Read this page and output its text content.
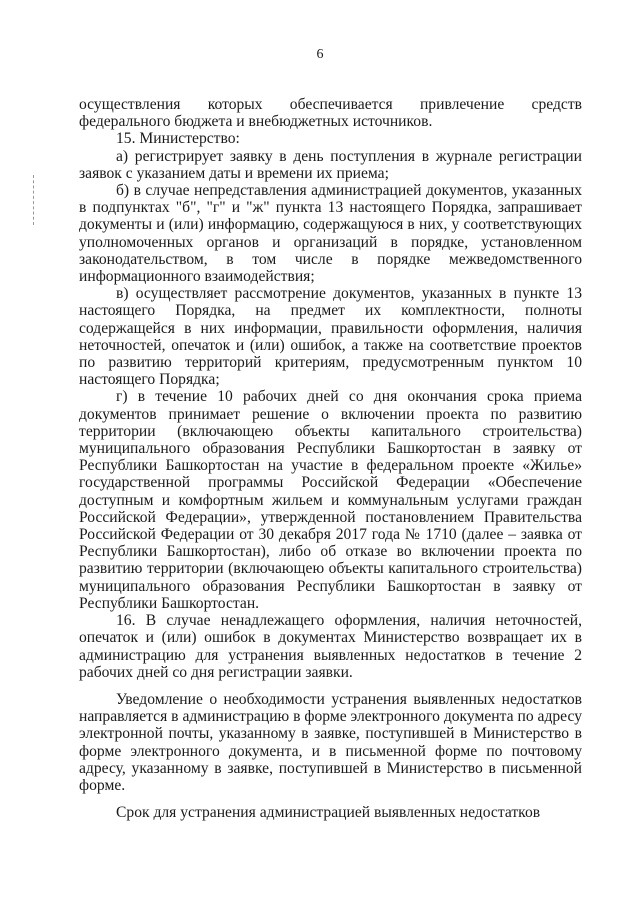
6

осуществления которых обеспечивается привлечение средств федерального бюджета и внебюджетных источников.

15. Министерство:

а) регистрирует заявку в день поступления в журнале регистрации заявок с указанием даты и времени их приема;

б) в случае непредставления администрацией документов, указанных в подпунктах "б", "г" и "ж" пункта 13 настоящего Порядка, запрашивает документы и (или) информацию, содержащуюся в них, у соответствующих уполномоченных органов и организаций в порядке, установленном законодательством, в том числе в порядке межведомственного информационного взаимодействия;

в) осуществляет рассмотрение документов, указанных в пункте 13 настоящего Порядка, на предмет их комплектности, полноты содержащейся в них информации, правильности оформления, наличия неточностей, опечаток и (или) ошибок, а также на соответствие проектов по развитию территорий критериям, предусмотренным пунктом 10 настоящего Порядка;

г) в течение 10 рабочих дней со дня окончания срока приема документов принимает решение о включении проекта по развитию территории (включающею объекты капитального строительства) муниципального образования Республики Башкортостан в заявку от Республики Башкортостан на участие в федеральном проекте «Жилье» государственной программы Российской Федерации «Обеспечение доступным и комфортным жильем и коммунальным услугами граждан Российской Федерации», утвержденной постановлением Правительства Российской Федерации от 30 декабря 2017 года № 1710 (далее – заявка от Республики Башкортостан), либо об отказе во включении проекта по развитию территории (включающею объекты капитального строительства) муниципального образования Республики Башкортостан в заявку от Республики Башкортостан.

16. В случае ненадлежащего оформления, наличия неточностей, опечаток и (или) ошибок в документах Министерство возвращает их в администрацию для устранения выявленных недостатков в течение 2 рабочих дней со дня регистрации заявки.

Уведомление о необходимости устранения выявленных недостатков направляется в администрацию в форме электронного документа по адресу электронной почты, указанному в заявке, поступившей в Министерство в форме электронного документа, и в письменной форме по почтовому адресу, указанному в заявке, поступившей в Министерство в письменной форме.

Срок для устранения администрацией выявленных недостатков
